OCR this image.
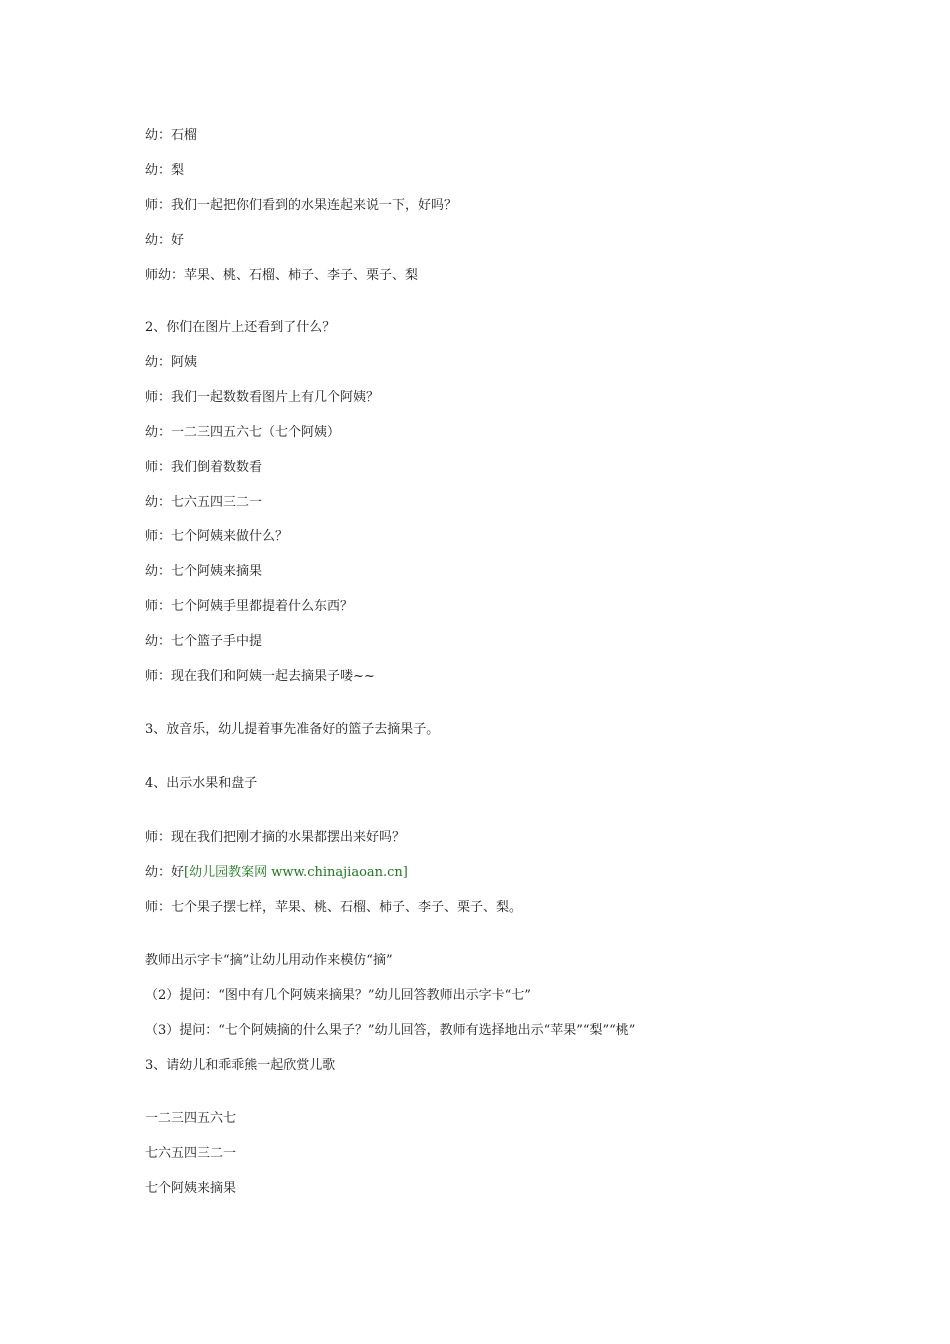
幼：石榴
幼：梨
师：我们一起把你们看到的水果连起来说一下，好吗？
幼：好
师幼：苹果、桃、石榴、柿子、李子、栗子、梨
2、你们在图片上还看到了什么？
幼：阿姨
师：我们一起数数看图片上有几个阿姨？
幼：一二三四五六七（七个阿姨）
师：我们倒着数数看
幼：七六五四三二一
师：七个阿姨来做什么？
幼：七个阿姨来摘果
师：七个阿姨手里都提着什么东西？
幼：七个篮子手中提
师：现在我们和阿姨一起去摘果子喽~~
3、放音乐，幼儿提着事先准备好的篮子去摘果子。
4、出示水果和盘子
师：现在我们把刚才摘的水果都摆出来好吗？
幼：好[幼儿园教案网 www.chinajiaoan.cn]
师：七个果子摆七样，苹果、桃、石榴、柿子、李子、栗子、梨。
教师出示字卡“摘”让幼儿用动作来模仿“摘”
（2）提问：“图中有几个阿姨来摘果？”幼儿回答教师出示字卡“七”
（3）提问：“七个阿姨摘的什么果子？”幼儿回答，教师有选择地出示“苹果”“梨”“桃”
3、请幼儿和乖乖熊一起欣赏儿歌
一二三四五六七
七六五四三二一
七个阿姨来摘果
